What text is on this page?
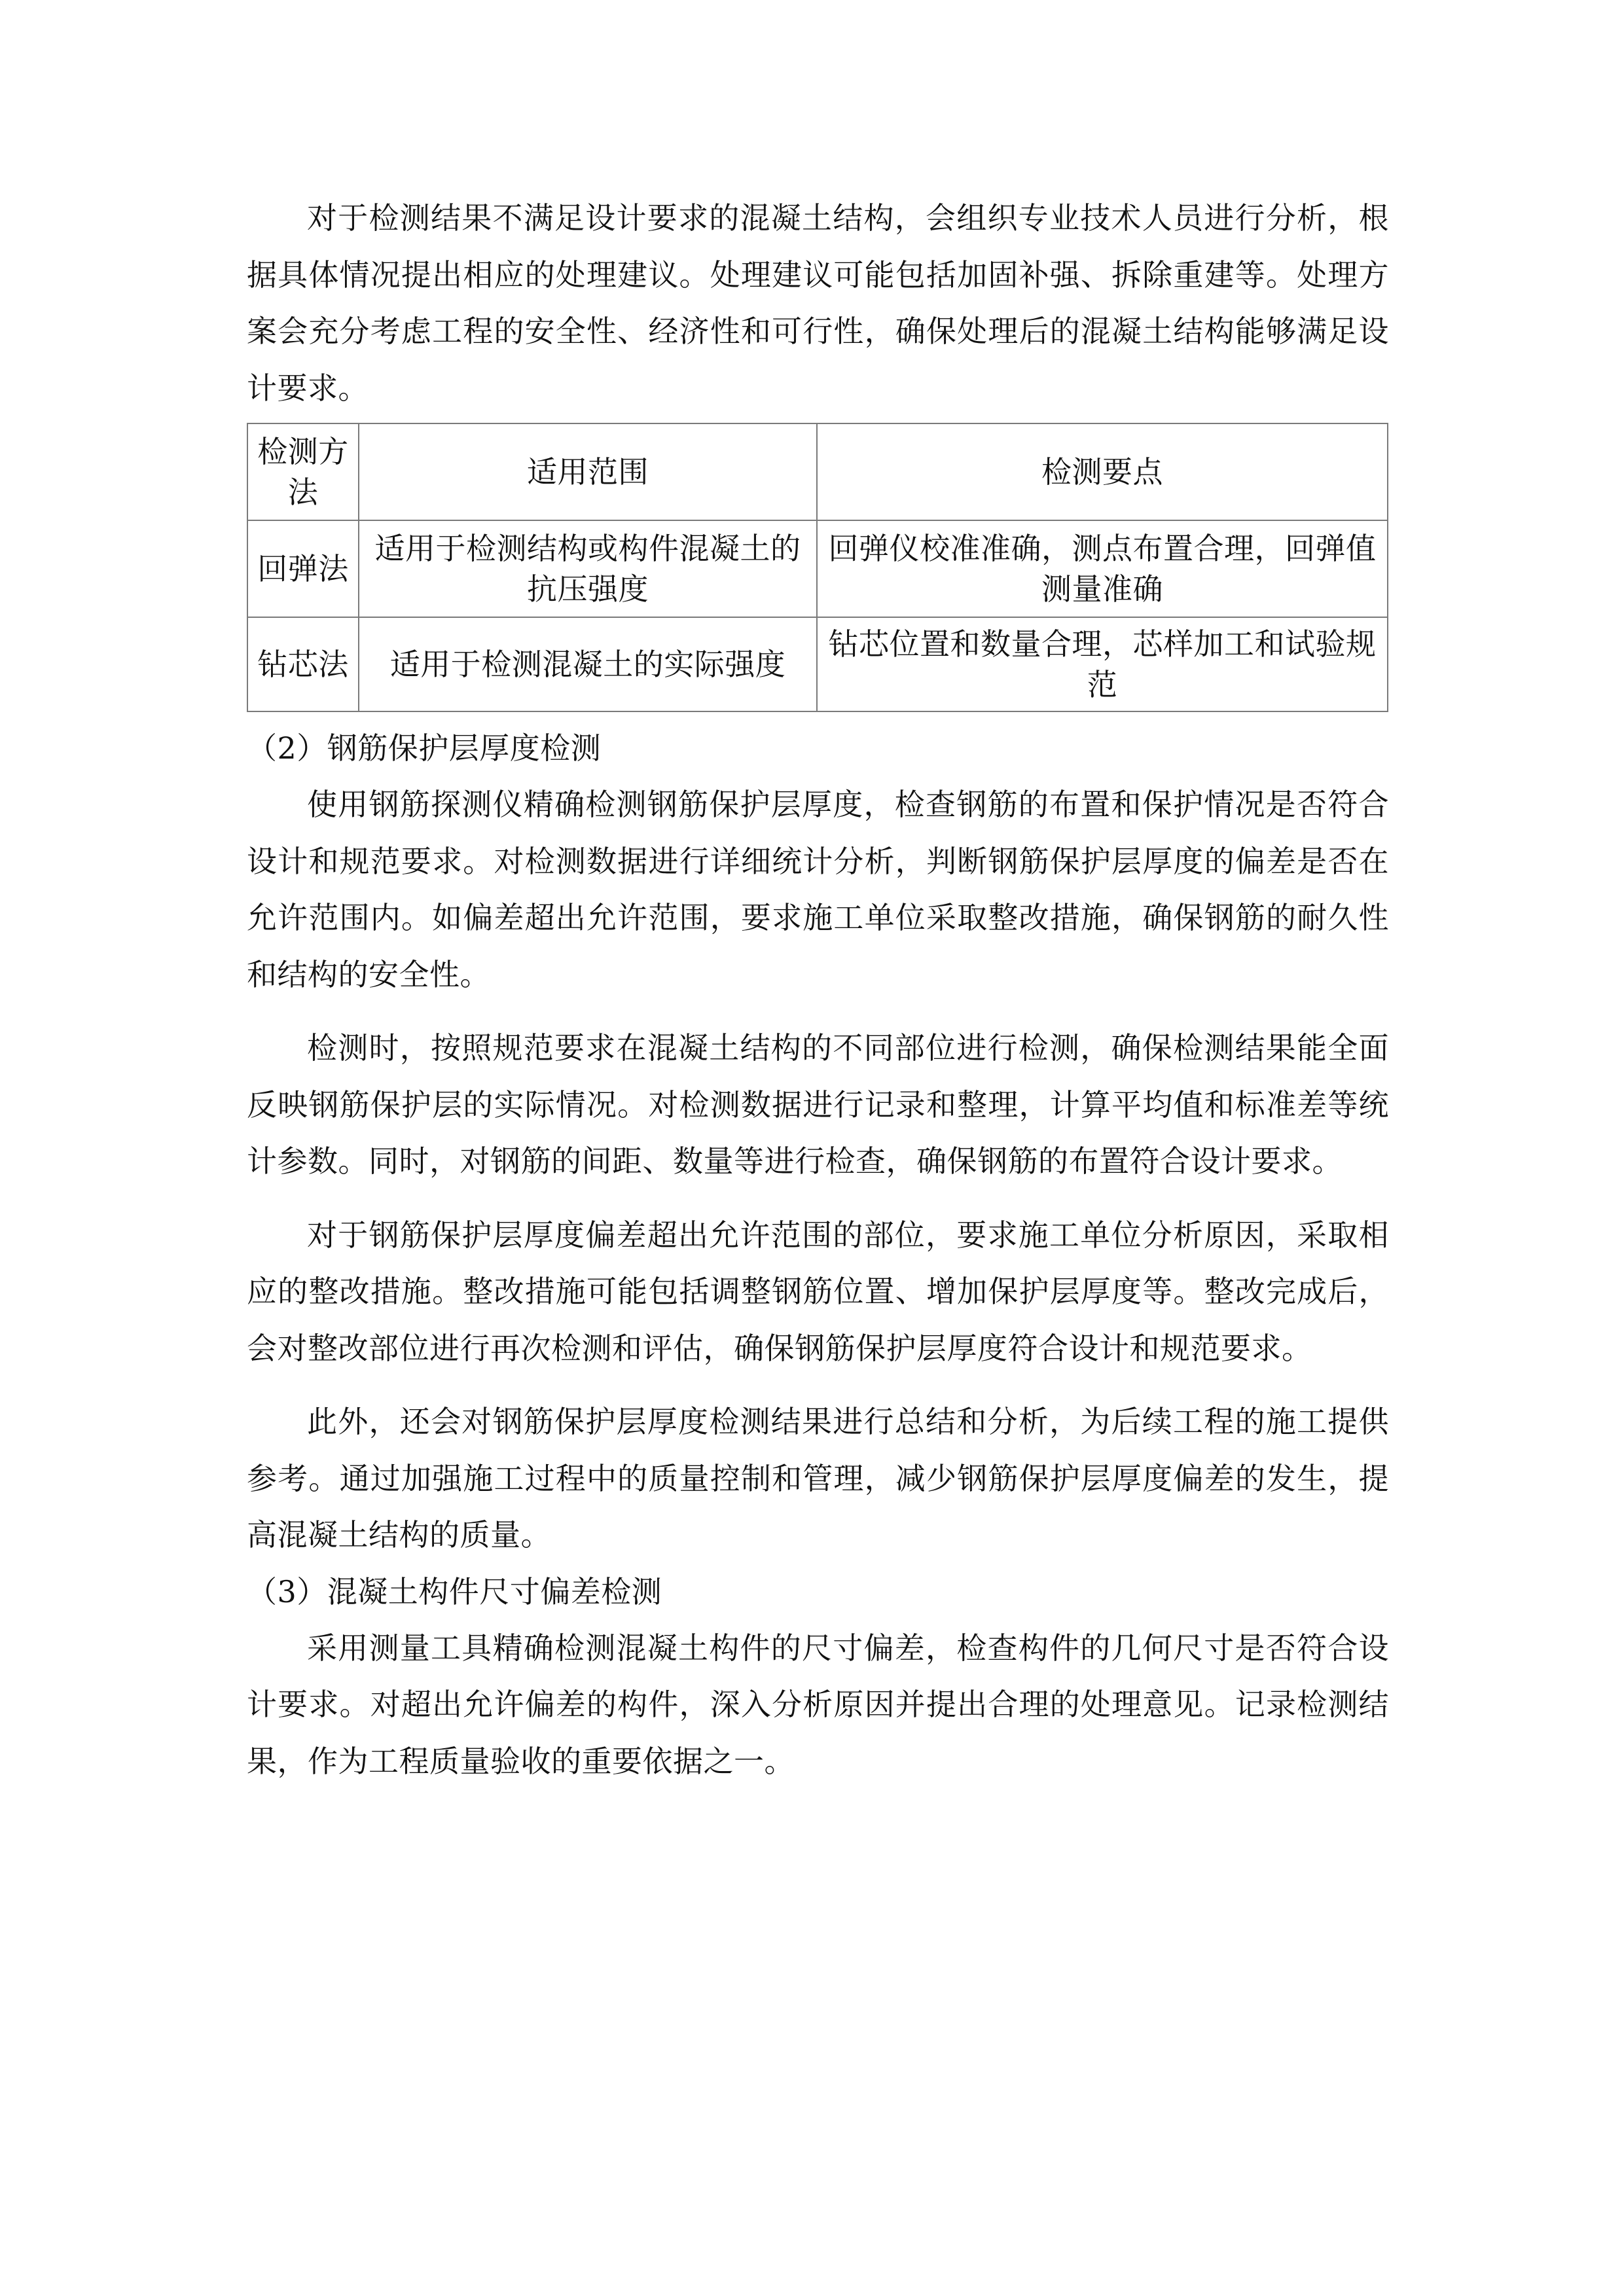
对于检测结果不满足设计要求的混凝土结构，会组织专业技术人员进行分析，根据具体情况提出相应的处理建议。处理建议可能包括加固补强、拆除重建等。处理方案会充分考虑工程的安全性、经济性和可行性，确保处理后的混凝土结构能够满足设计要求。

检测方法	适用范围	检测要点
回弹法	适用于检测结构或构件混凝土的抗压强度	回弹仪校准准确，测点布置合理，回弹值测量准确
钻芯法	适用于检测混凝土的实际强度	钻芯位置和数量合理，芯样加工和试验规范

（2）钢筋保护层厚度检测

使用钢筋探测仪精确检测钢筋保护层厚度，检查钢筋的布置和保护情况是否符合设计和规范要求。对检测数据进行详细统计分析，判断钢筋保护层厚度的偏差是否在允许范围内。如偏差超出允许范围，要求施工单位采取整改措施，确保钢筋的耐久性和结构的安全性。

检测时，按照规范要求在混凝土结构的不同部位进行检测，确保检测结果能全面反映钢筋保护层的实际情况。对检测数据进行记录和整理，计算平均值和标准差等统计参数。同时，对钢筋的间距、数量等进行检查，确保钢筋的布置符合设计要求。

对于钢筋保护层厚度偏差超出允许范围的部位，要求施工单位分析原因，采取相应的整改措施。整改措施可能包括调整钢筋位置、增加保护层厚度等。整改完成后，会对整改部位进行再次检测和评估，确保钢筋保护层厚度符合设计和规范要求。

此外，还会对钢筋保护层厚度检测结果进行总结和分析，为后续工程的施工提供参考。通过加强施工过程中的质量控制和管理，减少钢筋保护层厚度偏差的发生，提高混凝土结构的质量。

（3）混凝土构件尺寸偏差检测

采用测量工具精确检测混凝土构件的尺寸偏差，检查构件的几何尺寸是否符合设计要求。对超出允许偏差的构件，深入分析原因并提出合理的处理意见。记录检测结果，作为工程质量验收的重要依据之一。
